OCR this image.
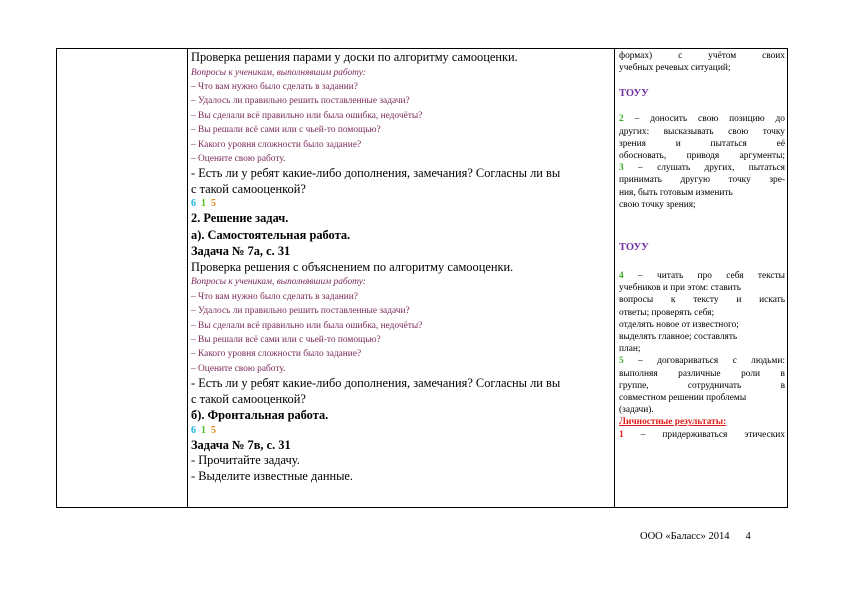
Проверка решения парами у доски по алгоритму самооценки.
Вопросы к ученикам, выполнявшим работу:
– Что вам нужно было сделать в задании?
– Удалось ли правильно решить поставленные задачи?
– Вы сделали всё правильно или была ошибка, недочёты?
– Вы решали всё сами или с чьей-то помощью?
– Какого уровня сложности было задание?
– Оцените свою работу.
- Есть ли у ребят какие-либо дополнения, замечания? Согласны ли вы
с такой самооценкой?
6 1 5
2. Решение задач.
а). Самостоятельная работа.
Задача № 7а, с. 31
Проверка решения с объяснением по алгоритму самооценки.
Вопросы к ученикам, выполнявшим работу:
– Что вам нужно было сделать в задании?
– Удалось ли правильно решить поставленные задачи?
– Вы сделали всё правильно или была ошибка, недочёты?
– Вы решали всё сами или с чьей-то помощью?
– Какого уровня сложности было задание?
– Оцените свою работу.
- Есть ли у ребят какие-либо дополнения, замечания? Согласны ли вы
с такой самооценкой?
б). Фронтальная работа.
6 1 5
Задача № 7в, с. 31
- Прочитайте задачу.
- Выделите известные данные.
формах) с учётом своих
учебных речевых ситуаций;
ТОУУ
2 – доносить свою позицию до
других: высказывать свою точку
зрения и пытаться её
обосновать, приводя аргументы;
3 – слушать других, пытаться
принимать другую точку зре-
ния, быть готовым изменить
свою точку зрения;
ТОУУ
4 – читать про себя тексты
учебников и при этом: ставить
вопросы к тексту и искать
ответы; проверять себя;
отделять новое от известного;
выделять главное; составлять
план;
5 – договариваться с людьми:
выполняя различные роли в
группе, сотрудничать в
совместном решении проблемы
(задачи).
Личностные результаты:
1 – придерживаться этических
ООО «Баласс» 2014 4
